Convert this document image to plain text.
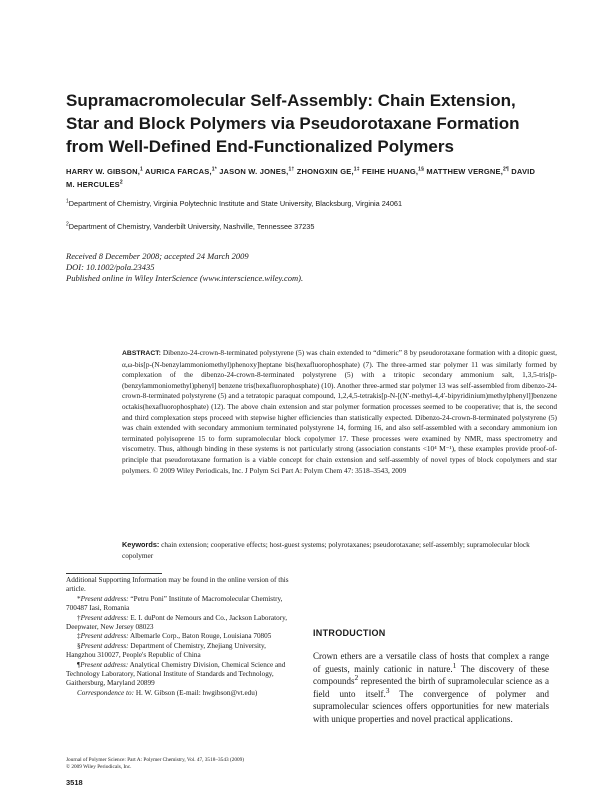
Supramacromolecular Self-Assembly: Chain Extension, Star and Block Polymers via Pseudorotaxane Formation from Well-Defined End-Functionalized Polymers

HARRY W. GIBSON,$^1$ AURICA FARCAS,$^{1*}$ JASON W. JONES,$^{1\dagger}$ ZHONGXIN GE,$^{1\ddagger}$ FEIHE HUANG,$^{1\S}$ MATTHEW VERGNE,$^{2\P}$ DAVID M. HERCULES$^2$

$^1$Department of Chemistry, Virginia Polytechnic Institute and State University, Blacksburg, Virginia 24061

$^2$Department of Chemistry, Vanderbilt University, Nashville, Tennessee 37235

Received 8 December 2008; accepted 24 March 2009
DOI: 10.1002/pola.23435
Published online in Wiley InterScience (www.interscience.wiley.com).

ABSTRACT: Dibenzo-24-crown-8-terminated polystyrene (5) was chain extended to “dimeric” 8 by pseudorotaxane formation with a ditopic guest, α,ω-bis[p-(N-benzylammoniomethyl)phenoxy]heptane bis(hexafluorophosphate) (7). The three-armed star polymer 11 was similarly formed by complexation of the dibenzo-24-crown-8-terminated polystyrene (5) with a tritopic secondary ammonium salt, 1,3,5-tris[p-(benzylammoniomethyl)phenyl] benzene tris(hexafluorophosphate) (10). Another three-armed star polymer 13 was self-assembled from dibenzo-24-crown-8-terminated polystyrene (5) and a tetratopic paraquat compound, 1,2,4,5-tetrakis[p-N-[(N′-methyl-4,4′-bipyridinium)methylphenyl]]benzene octakis(hexafluorophosphate) (12). The above chain extension and star polymer formation processes seemed to be cooperative; that is, the second and third complexation steps proceed with stepwise higher efficiencies than statistically expected. Dibenzo-24-crown-8-terminated polystyrene (5) was chain extended with secondary ammonium terminated polystyrene 14, forming 16, and also self-assembled with a secondary ammonium ion terminated polyisoprene 15 to form supramolecular block copolymer 17. These processes were examined by NMR, mass spectrometry and viscometry. Thus, although binding in these systems is not particularly strong (association constants <10⁴ M⁻¹), these examples provide proof-of-principle that pseudorotaxane formation is a viable concept for chain extension and self-assembly of novel types of block copolymers and star polymers. © 2009 Wiley Periodicals, Inc. J Polym Sci Part A: Polym Chem 47: 3518–3543, 2009

Keywords: chain extension; cooperative effects; host-guest systems; polyrotaxanes; pseudorotaxane; self-assembly; supramolecular block copolymer

Additional Supporting Information may be found in the online version of this article.

*Present address: “Petru Poni” Institute of Macromolecular Chemistry, 700487 Iasi, Romania

†Present address: E. I. duPont de Nemours and Co., Jackson Laboratory, Deepwater, New Jersey 08023

‡Present address: Albemarle Corp., Baton Rouge, Louisiana 70805

§Present address: Department of Chemistry, Zhejiang University, Hangzhou 310027, People's Republic of China

¶Present address: Analytical Chemistry Division, Chemical Science and Technology Laboratory, National Institute of Standards and Technology, Gaithersburg, Maryland 20899

Correspondence to: H. W. Gibson (E-mail: hwgibson@vt.edu)

Journal of Polymer Science: Part A: Polymer Chemistry, Vol. 47, 3518–3543 (2009)

© 2009 Wiley Periodicals, Inc.

3518

INTRODUCTION

Crown ethers are a versatile class of hosts that complex a range of guests, mainly cationic in nature.$^1$ The discovery of these compounds$^2$ represented the birth of supramolecular science as a field unto itself.$^3$ The convergence of polymer and supramolecular sciences offers opportunities for new materials with unique properties and novel practical applications.
